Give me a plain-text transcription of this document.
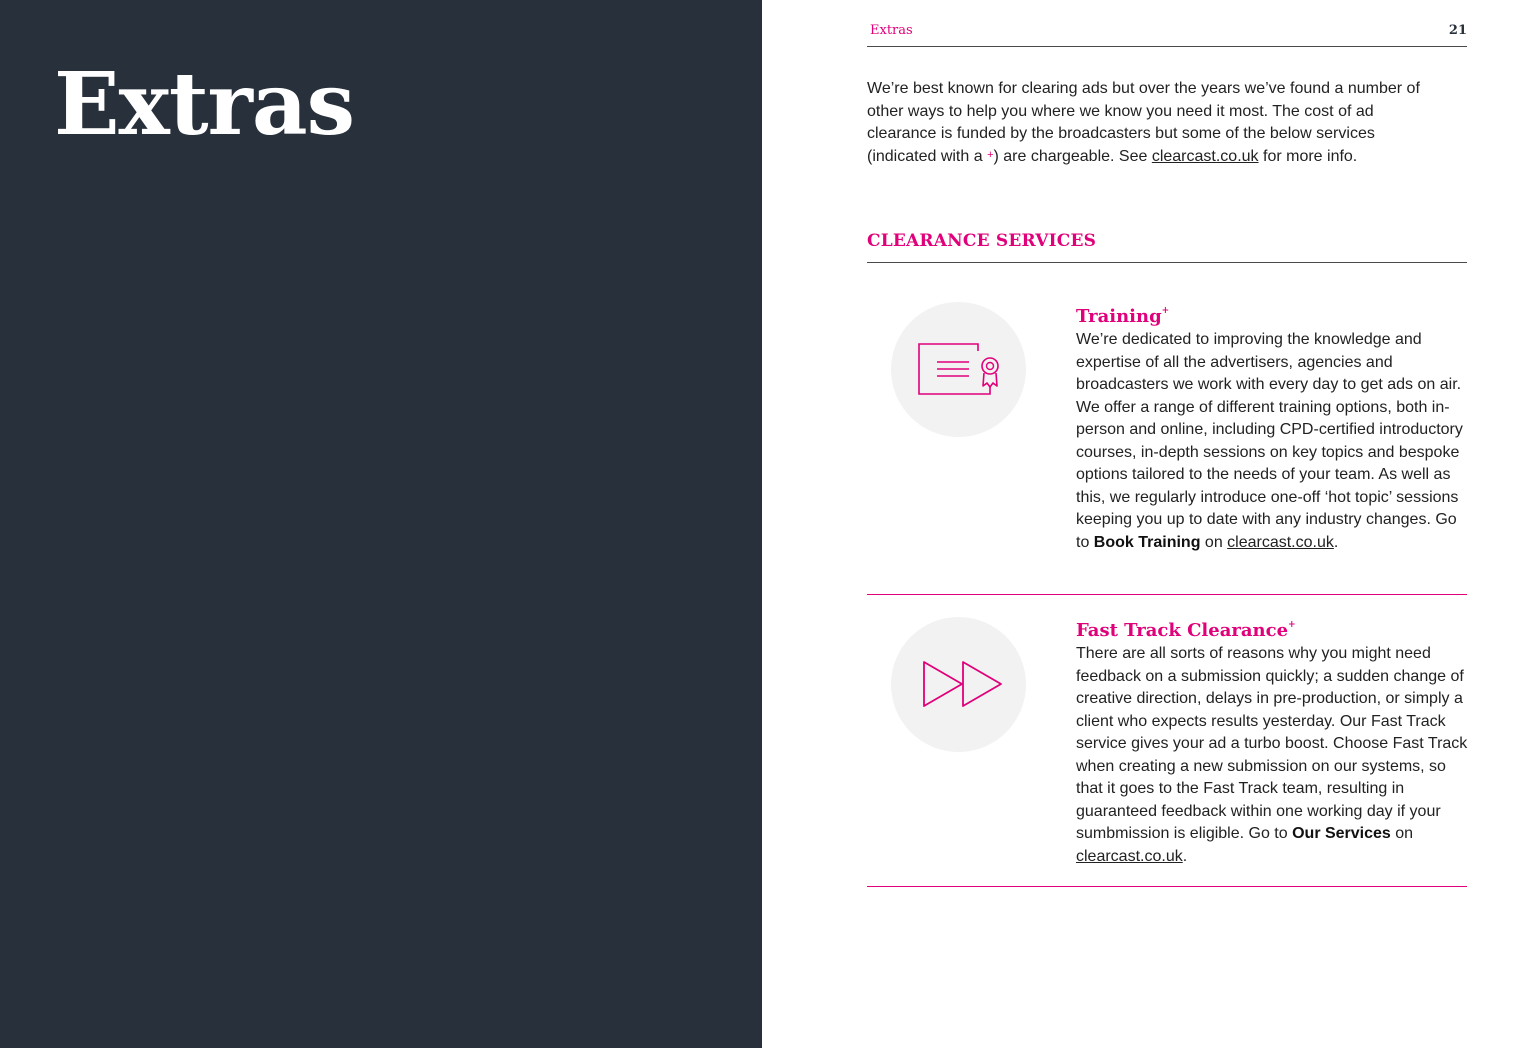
Extras
Extras	21

We’re best known for clearing ads but over the years we’ve found a number of other ways to help you where we know you need it most. The cost of ad clearance is funded by the broadcasters but some of the below services (indicated with a +) are chargeable. See clearcast.co.uk for more info.

CLEARANCE SERVICES
Training+

We’re dedicated to improving the knowledge and expertise of all the advertisers, agencies and broadcasters we work with every day to get ads on air. We offer a range of different training options, both in-person and online, including CPD-certified introductory courses, in-depth sessions on key topics and bespoke options tailored to the needs of your team. As well as this, we regularly introduce one-off ‘hot topic’ sessions keeping you up to date with any industry changes. Go to Book Training on clearcast.co.uk.

Fast Track Clearance+

There are all sorts of reasons why you might need feedback on a submission quickly; a sudden change of creative direction, delays in pre-production, or simply a client who expects results yesterday. Our Fast Track service gives your ad a turbo boost. Choose Fast Track when creating a new submission on our systems, so that it goes to the Fast Track team, resulting in guaranteed feedback within one working day if your sumbmission is eligible. Go to Our Services on clearcast.co.uk.
